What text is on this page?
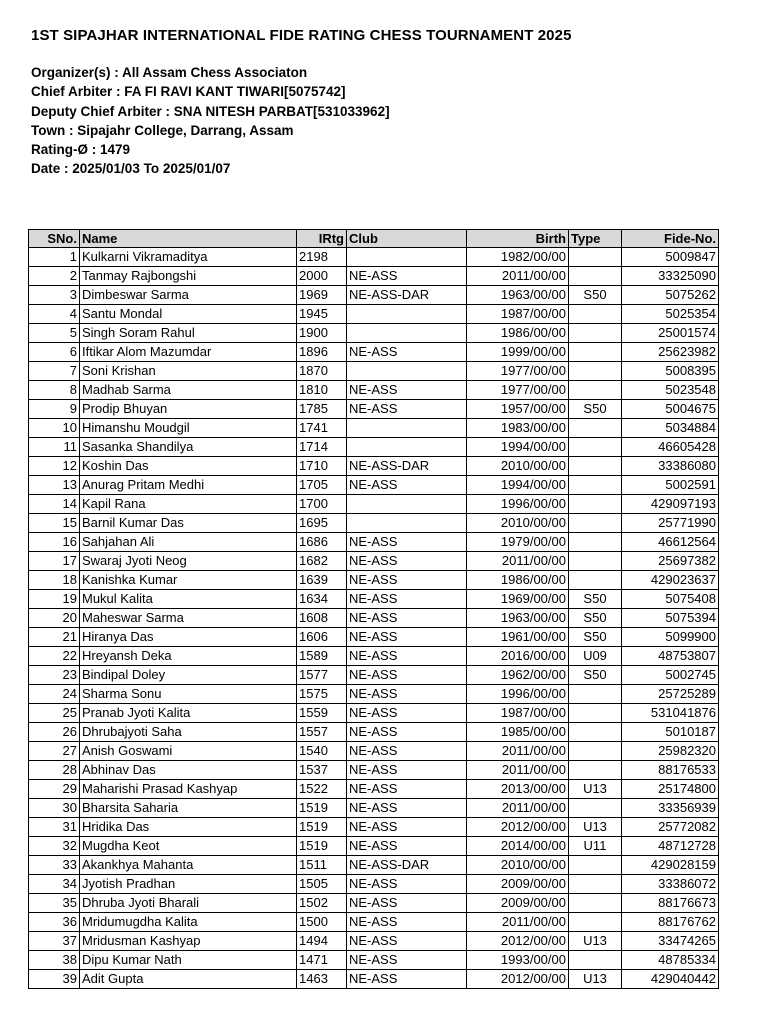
1ST SIPAJHAR INTERNATIONAL FIDE RATING CHESS TOURNAMENT 2025
Organizer(s) : All Assam Chess Associaton
Chief Arbiter : FA FI RAVI KANT TIWARI[5075742]
Deputy Chief Arbiter : SNA NITESH PARBAT[531033962]
Town : Sipajahr College, Darrang, Assam
Rating-Ø : 1479
Date : 2025/01/03 To 2025/01/07
SNo.	Name	IRtg	Club	Birth	Type	Fide-No.
1	Kulkarni Vikramaditya	2198		1982/00/00		5009847
2	Tanmay Rajbongshi	2000	NE-ASS	2011/00/00		33325090
3	Dimbeswar Sarma	1969	NE-ASS-DAR	1963/00/00	S50	5075262
4	Santu Mondal	1945		1987/00/00		5025354
5	Singh Soram Rahul	1900		1986/00/00		25001574
6	Iftikar Alom Mazumdar	1896	NE-ASS	1999/00/00		25623982
7	Soni Krishan	1870		1977/00/00		5008395
8	Madhab Sarma	1810	NE-ASS	1977/00/00		5023548
9	Prodip Bhuyan	1785	NE-ASS	1957/00/00	S50	5004675
10	Himanshu Moudgil	1741		1983/00/00		5034884
11	Sasanka Shandilya	1714		1994/00/00		46605428
12	Koshin Das	1710	NE-ASS-DAR	2010/00/00		33386080
13	Anurag Pritam Medhi	1705	NE-ASS	1994/00/00		5002591
14	Kapil Rana	1700		1996/00/00		429097193
15	Barnil Kumar Das	1695		2010/00/00		25771990
16	Sahjahan Ali	1686	NE-ASS	1979/00/00		46612564
17	Swaraj Jyoti Neog	1682	NE-ASS	2011/00/00		25697382
18	Kanishka Kumar	1639	NE-ASS	1986/00/00		429023637
19	Mukul Kalita	1634	NE-ASS	1969/00/00	S50	5075408
20	Maheswar Sarma	1608	NE-ASS	1963/00/00	S50	5075394
21	Hiranya Das	1606	NE-ASS	1961/00/00	S50	5099900
22	Hreyansh Deka	1589	NE-ASS	2016/00/00	U09	48753807
23	Bindipal Doley	1577	NE-ASS	1962/00/00	S50	5002745
24	Sharma Sonu	1575	NE-ASS	1996/00/00		25725289
25	Pranab Jyoti Kalita	1559	NE-ASS	1987/00/00		531041876
26	Dhrubajyoti Saha	1557	NE-ASS	1985/00/00		5010187
27	Anish Goswami	1540	NE-ASS	2011/00/00		25982320
28	Abhinav Das	1537	NE-ASS	2011/00/00		88176533
29	Maharishi Prasad Kashyap	1522	NE-ASS	2013/00/00	U13	25174800
30	Bharsita Saharia	1519	NE-ASS	2011/00/00		33356939
31	Hridika Das	1519	NE-ASS	2012/00/00	U13	25772082
32	Mugdha Keot	1519	NE-ASS	2014/00/00	U11	48712728
33	Akankhya Mahanta	1511	NE-ASS-DAR	2010/00/00		429028159
34	Jyotish Pradhan	1505	NE-ASS	2009/00/00		33386072
35	Dhruba Jyoti Bharali	1502	NE-ASS	2009/00/00		88176673
36	Mridumugdha Kalita	1500	NE-ASS	2011/00/00		88176762
37	Mridusman Kashyap	1494	NE-ASS	2012/00/00	U13	33474265
38	Dipu Kumar Nath	1471	NE-ASS	1993/00/00		48785334
39	Adit Gupta	1463	NE-ASS	2012/00/00	U13	429040442
